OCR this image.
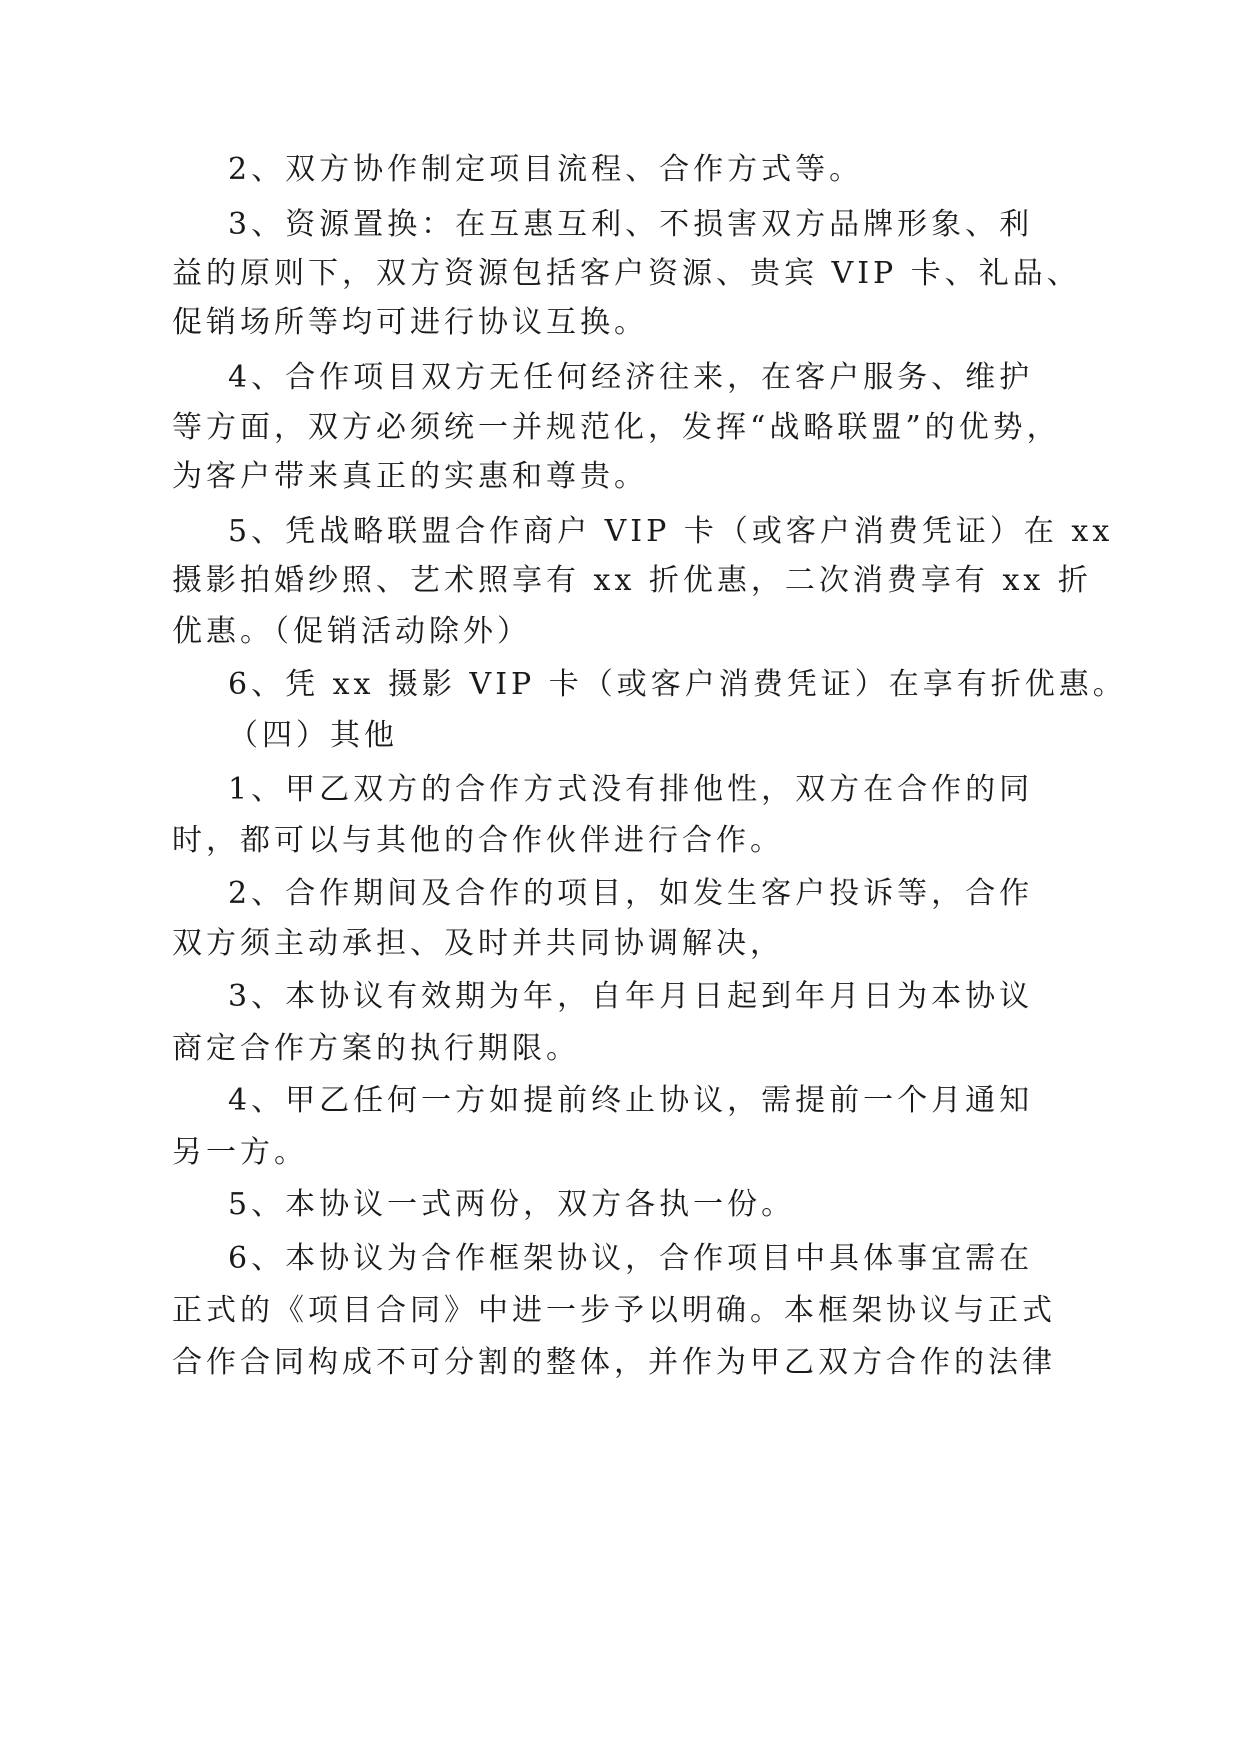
2、双方协作制定项目流程、合作方式等。
3、资源置换：在互惠互利、不损害双方品牌形象、利
益的原则下，双方资源包括客户资源、贵宾 VIP 卡、礼品、
促销场所等均可进行协议互换。
4、合作项目双方无任何经济往来，在客户服务、维护
等方面，双方必须统一并规范化，发挥“战略联盟”的优势，
为客户带来真正的实惠和尊贵。
5、凭战略联盟合作商户 VIP 卡（或客户消费凭证）在 xx
摄影拍婚纱照、艺术照享有 xx 折优惠，二次消费享有 xx 折
优惠。（促销活动除外）
6、凭 xx 摄影 VIP 卡（或客户消费凭证）在享有折优惠。
（四）其他
1、甲乙双方的合作方式没有排他性，双方在合作的同
时，都可以与其他的合作伙伴进行合作。
2、合作期间及合作的项目，如发生客户投诉等，合作
双方须主动承担、及时并共同协调解决，
3、本协议有效期为年，自年月日起到年月日为本协议
商定合作方案的执行期限。
4、甲乙任何一方如提前终止协议，需提前一个月通知
另一方。
5、本协议一式两份，双方各执一份。
6、本协议为合作框架协议，合作项目中具体事宜需在
正式的《项目合同》中进一步予以明确。本框架协议与正式
合作合同构成不可分割的整体，并作为甲乙双方合作的法律
